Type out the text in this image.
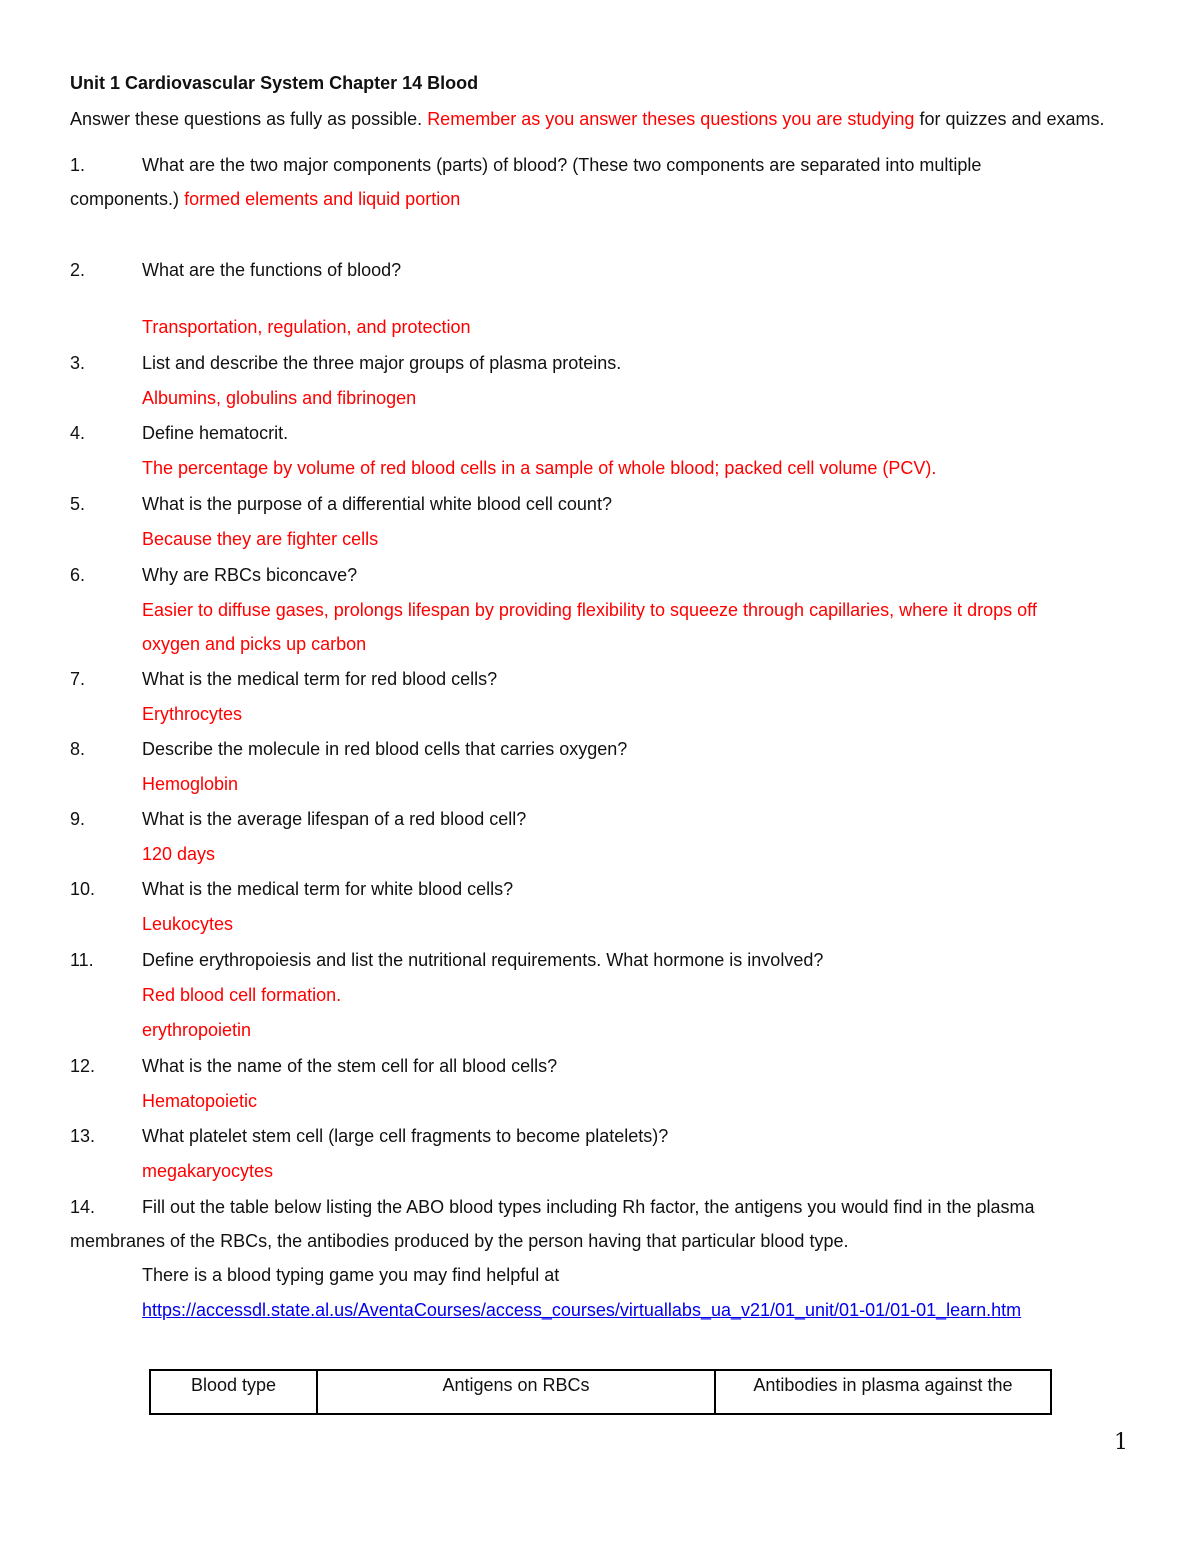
Unit 1 Cardiovascular System Chapter 14 Blood
Answer these questions as fully as possible. Remember as you answer theses questions you are studying for quizzes and exams.
1.	What are the two major components (parts) of blood? (These two components are separated into multiple
components.) formed elements and liquid portion
2.	What are the functions of blood?
Transportation, regulation, and protection
3.	List and describe the three major groups of plasma proteins.
Albumins, globulins and fibrinogen
4.	Define hematocrit.
The percentage by volume of red blood cells in a sample of whole blood; packed cell volume (PCV).
5.	What is the purpose of a differential white blood cell count?
Because they are fighter cells
6.	Why are RBCs biconcave?
Easier to diffuse gases, prolongs lifespan by providing flexibility to squeeze through capillaries, where it drops off
oxygen and picks up carbon
7.	What is the medical term for red blood cells?
Erythrocytes
8.	Describe the molecule in red blood cells that carries oxygen?
Hemoglobin
9.	What is the average lifespan of a red blood cell?
120 days
10.	What is the medical term for white blood cells?
Leukocytes
11.	Define erythropoiesis and list the nutritional requirements. What hormone is involved?
Red blood cell formation.
erythropoietin
12.	What is the name of the stem cell for all blood cells?
Hematopoietic
13.	What platelet stem cell (large cell fragments to become platelets)?
megakaryocytes
14.	Fill out the table below listing the ABO blood types including Rh factor, the antigens you would find in the plasma
membranes of the RBCs, the antibodies produced by the person having that particular blood type.
There is a blood typing game you may find helpful at
https://accessdl.state.al.us/AventaCourses/access_courses/virtuallabs_ua_v21/01_unit/01-01/01-01_learn.htm
Blood type	Antigens on RBCs	Antibodies in plasma against the
1
